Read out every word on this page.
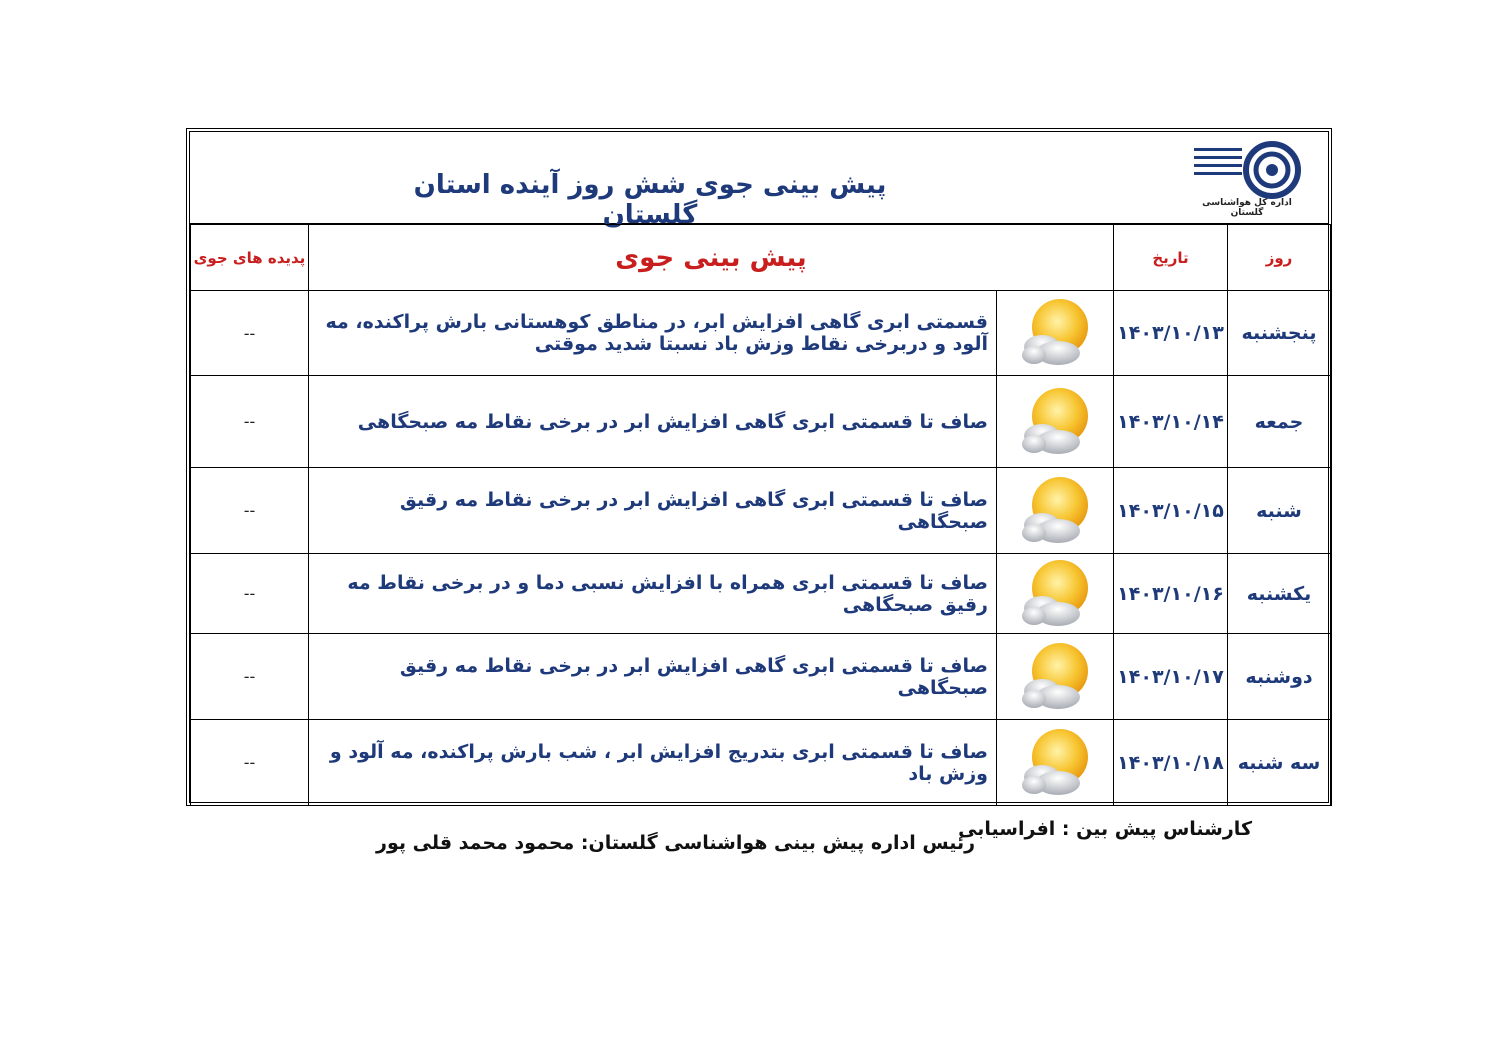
پیش بینی جوی شش روز آینده استان گلستان	اداره کل هواشناسی گلستان
روز	تاریخ	پیش بینی جوی		پدیده های جوی
پنجشنبه	۱۴۰۳/۱۰/۱۳		قسمتی ابری گاهی افزایش ابر، در مناطق کوهستانی بارش پراکنده، مه آلود و دربرخی نقاط وزش باد نسبتا شدید موقتی	--
جمعه	۱۴۰۳/۱۰/۱۴		صاف تا قسمتی ابری گاهی افزایش ابر در برخی نقاط مه صبحگاهی	--
شنبه	۱۴۰۳/۱۰/۱۵		صاف تا قسمتی ابری گاهی افزایش ابر در برخی نقاط مه رقیق صبحگاهی	--
یکشنبه	۱۴۰۳/۱۰/۱۶		صاف تا قسمتی ابری همراه با افزایش نسبی دما و در برخی نقاط مه رقیق صبحگاهی	--
دوشنبه	۱۴۰۳/۱۰/۱۷		صاف تا قسمتی ابری گاهی افزایش ابر در برخی نقاط مه رقیق صبحگاهی	--
سه شنبه	۱۴۰۳/۱۰/۱۸		صاف تا قسمتی ابری بتدریج افزایش ابر ، شب بارش پراکنده، مه آلود و وزش باد	--
کارشناس پیش بین : افراسیابی
رئیس اداره پیش بینی هواشناسی گلستان: محمود محمد قلی پور
